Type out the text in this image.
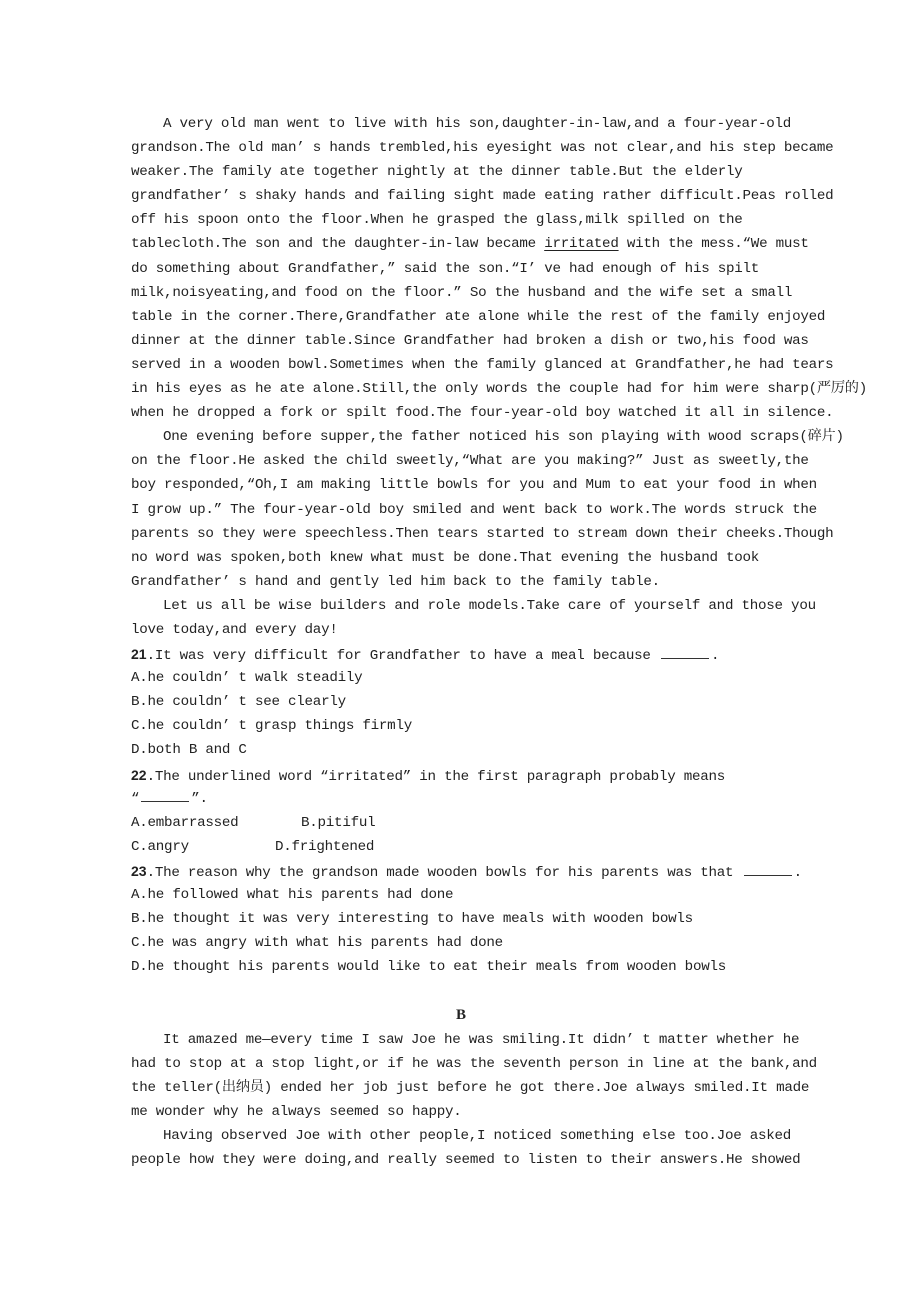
A very old man went to live with his son,daughter-in-law,and a four-year-old
grandson.The old man’ s hands trembled,his eyesight was not clear,and his step became
weaker.The family ate together nightly at the dinner table.But the elderly
grandfather’ s shaky hands and failing sight made eating rather difficult.Peas rolled
off his spoon onto the floor.When he grasped the glass,milk spilled on the
tablecloth.The son and the daughter-in-law became irritated with the mess.“We must
do something about Grandfather,” said the son.“I’ ve had enough of his spilt
milk,noisyeating,and food on the floor.” So the husband and the wife set a small
table in the corner.There,Grandfather ate alone while the rest of the family enjoyed
dinner at the dinner table.Since Grandfather had broken a dish or two,his food was
served in a wooden bowl.Sometimes when the family glanced at Grandfather,he had tears
in his eyes as he ate alone.Still,the only words the couple had for him were sharp(严厉的)
when he dropped a fork or spilt food.The four-year-old boy watched it all in silence.
One evening before supper,the father noticed his son playing with wood scraps(碎片)
on the floor.He asked the child sweetly,“What are you making?” Just as sweetly,the
boy responded,“Oh,I am making little bowls for you and Mum to eat your food in when
I grow up.” The four-year-old boy smiled and went back to work.The words struck the
parents so they were speechless.Then tears started to stream down their cheeks.Though
no word was spoken,both knew what must be done.That evening the husband took
Grandfather’ s hand and gently led him back to the family table.
Let us all be wise builders and role models.Take care of yourself and those you
love today,and every day!
21.It was very difficult for Grandfather to have a meal because	.
A.he couldn’ t walk steadily
B.he couldn’ t see clearly
C.he couldn’ t grasp things firmly
D.both B and C
22.The underlined word “irritated” in the first paragraph probably means
“	”.
A.embarrassed	B.pitiful
C.angry	D.frightened
23.The reason why the grandson made wooden bowls for his parents was that	.
A.he followed what his parents had done
B.he thought it was very interesting to have meals with wooden bowls
C.he was angry with what his parents had done
D.he thought his parents would like to eat their meals from wooden bowls
B
It amazed me—every time I saw Joe he was smiling.It didn’ t matter whether he
had to stop at a stop light,or if he was the seventh person in line at the bank,and
the teller(出纳员) ended her job just before he got there.Joe always smiled.It made
me wonder why he always seemed so happy.
Having observed Joe with other people,I noticed something else too.Joe asked
people how they were doing,and really seemed to listen to their answers.He showed
